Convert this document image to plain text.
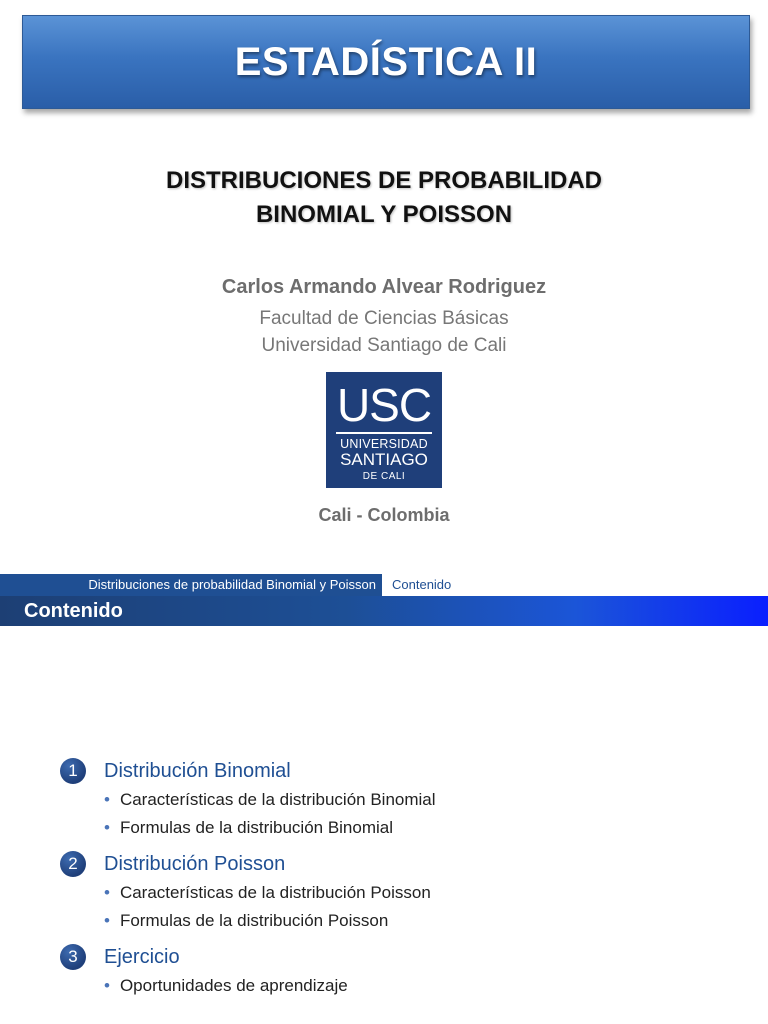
ESTADÍSTICA II
DISTRIBUCIONES DE PROBABILIDAD
BINOMIAL Y POISSON
Carlos Armando Alvear Rodriguez
Facultad de Ciencias Básicas
Universidad Santiago de Cali
USC
UNIVERSIDAD
SANTIAGO
DE CALI
Cali - Colombia
Distribuciones de probabilidad Binomial y Poisson	Contenido
Contenido
1	Distribución Binomial
• Características de la distribución Binomial
• Formulas de la distribución Binomial
2	Distribución Poisson
• Características de la distribución Poisson
• Formulas de la distribución Poisson
3	Ejercicio
• Oportunidades de aprendizaje
